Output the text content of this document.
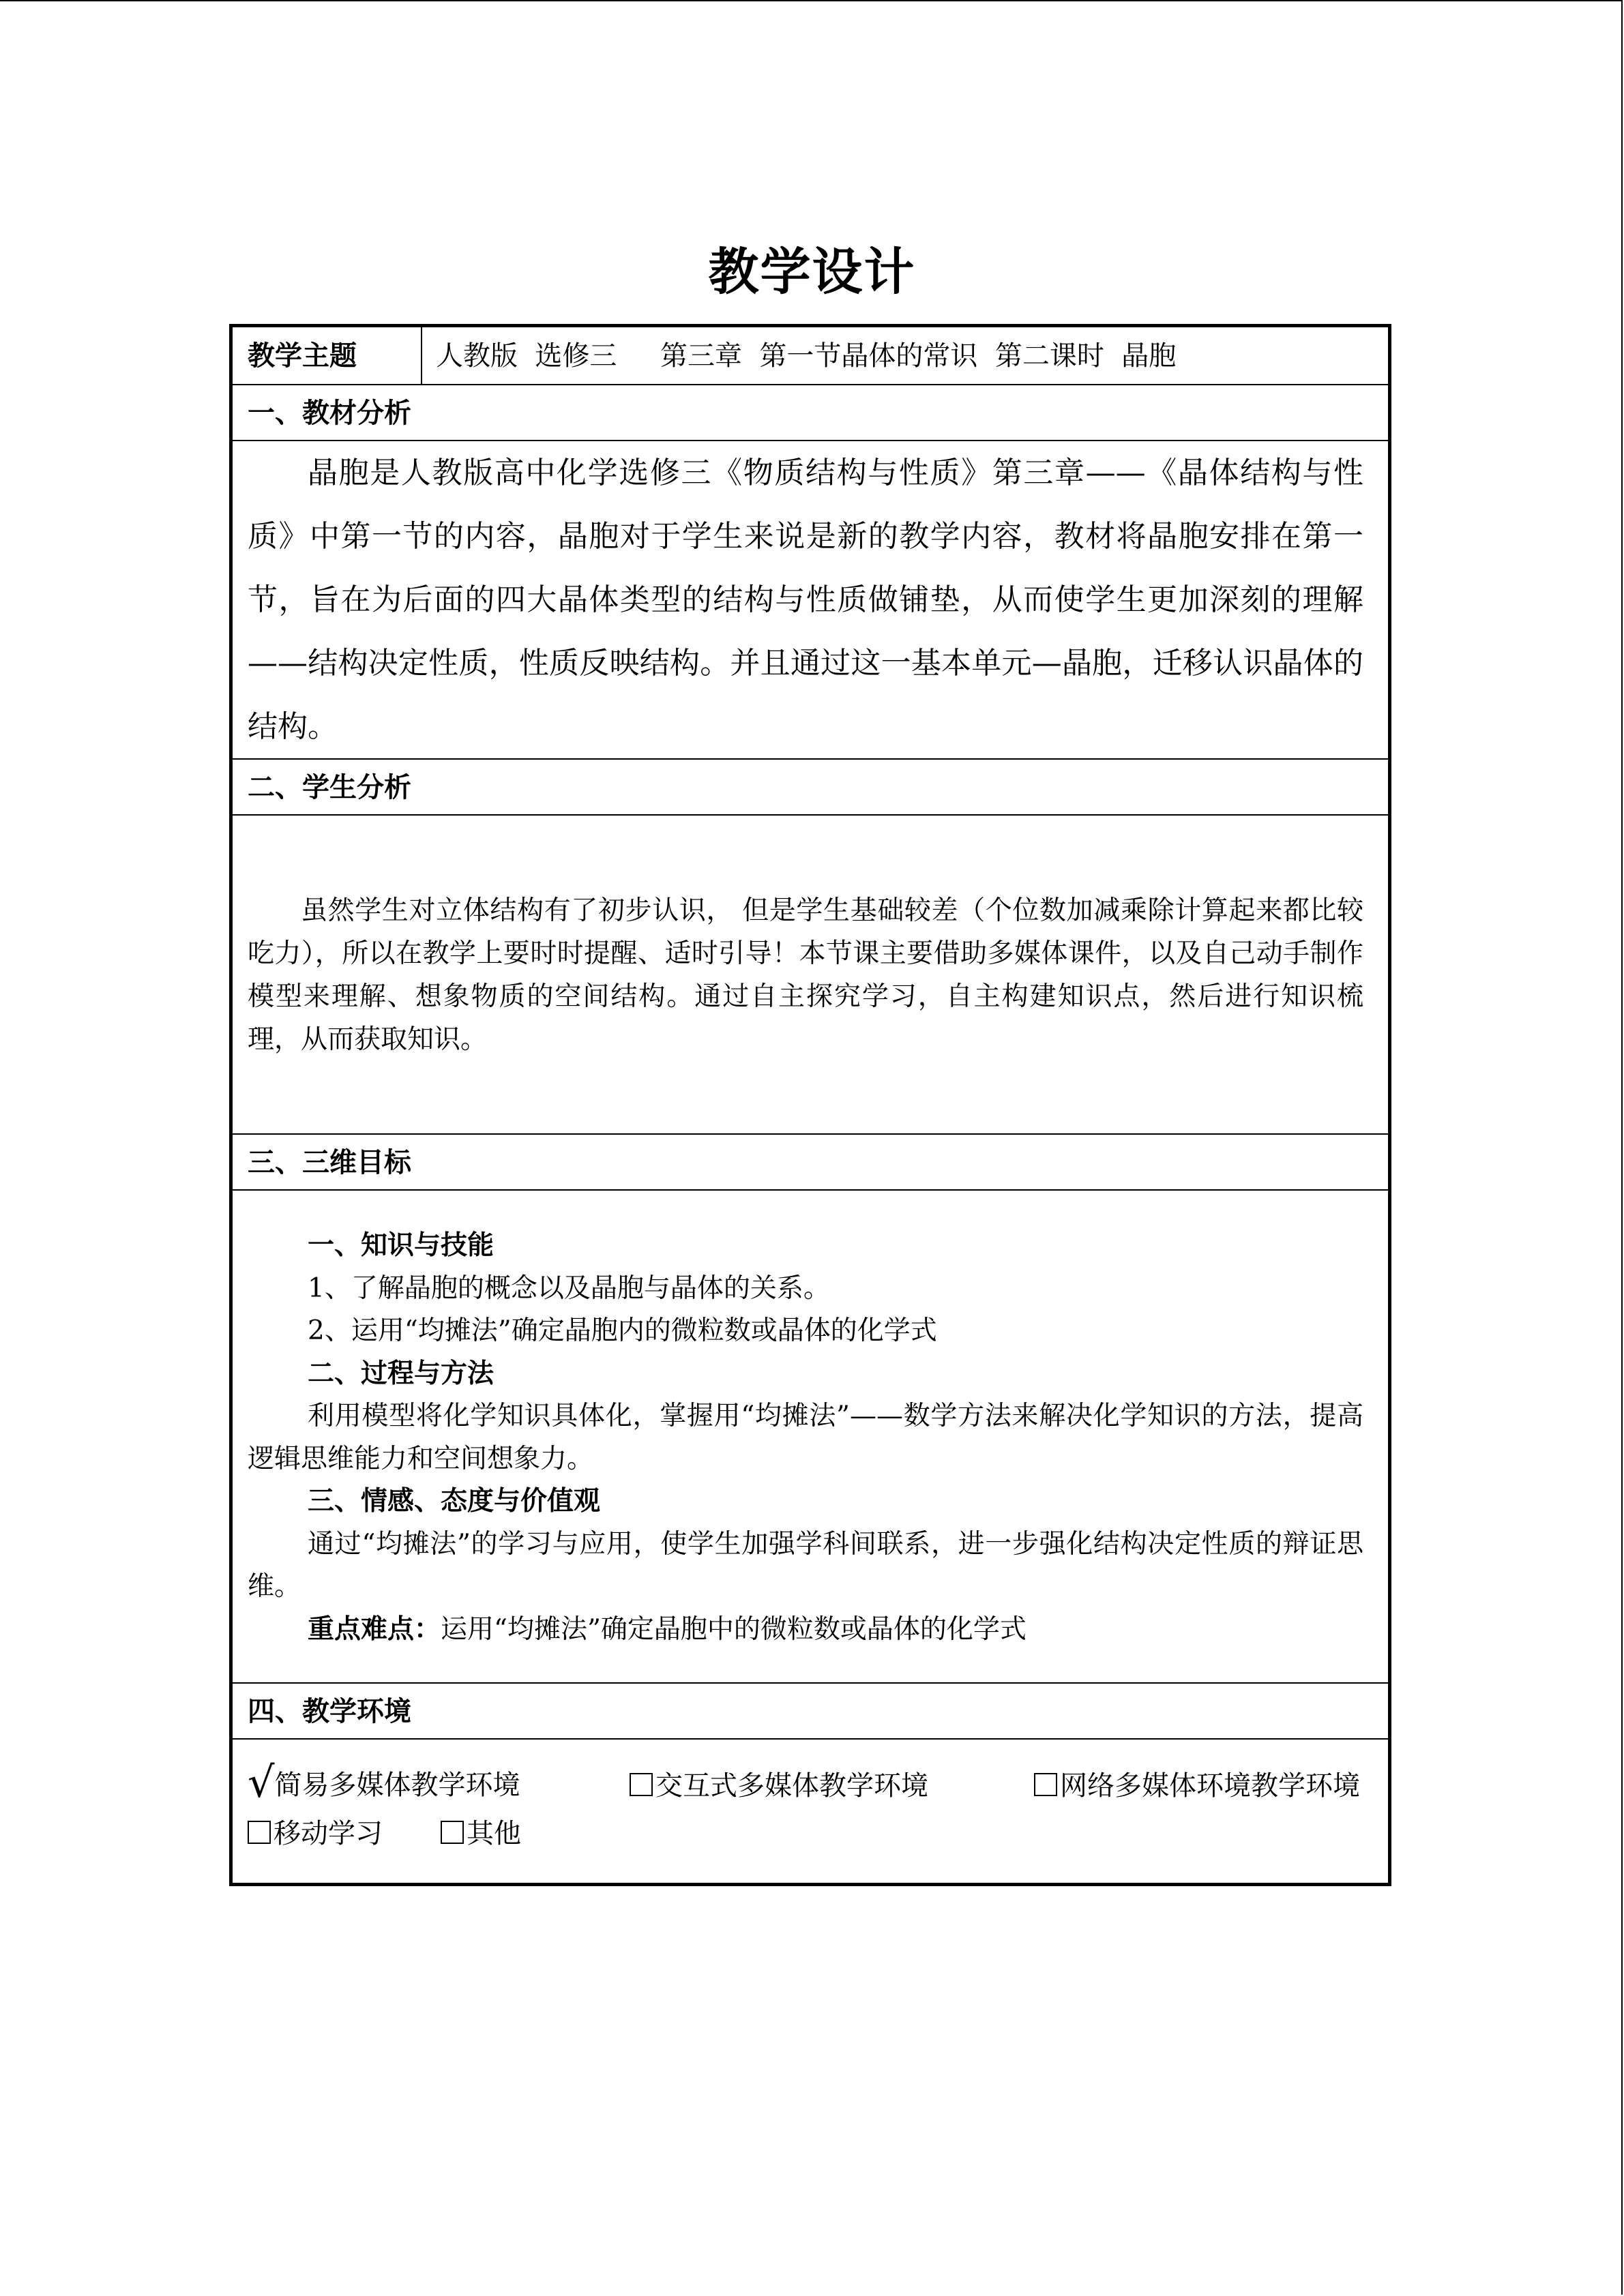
教学设计
教学主题	人教版  选修三     第三章  第一节晶体的常识  第二课时  晶胞
一、教材分析
晶胞是人教版高中化学选修三《物质结构与性质》第三章——《晶体结构与性质》中第一节的内容，晶胞对于学生来说是新的教学内容，教材将晶胞安排在第一节，旨在为后面的四大晶体类型的结构与性质做铺垫，从而使学生更加深刻的理解——结构决定性质，性质反映结构。并且通过这一基本单元—晶胞，迁移认识晶体的结构。
二、学生分析
虽然学生对立体结构有了初步认识， 但是学生基础较差（个位数加减乘除计算起来都比较吃力），所以在教学上要时时提醒、适时引导！本节课主要借助多媒体课件，以及自己动手制作模型来理解、想象物质的空间结构。通过自主探究学习，自主构建知识点，然后进行知识梳理，从而获取知识。
三、三维目标
一、知识与技能
1、了解晶胞的概念以及晶胞与晶体的关系。
2、运用“均摊法”确定晶胞内的微粒数或晶体的化学式
二、过程与方法
利用模型将化学知识具体化，掌握用“均摊法”——数学方法来解决化学知识的方法，提高逻辑思维能力和空间想象力。
三、情感、态度与价值观
通过“均摊法”的学习与应用，使学生加强学科间联系，进一步强化结构决定性质的辩证思维。
重点难点：运用“均摊法”确定晶胞中的微粒数或晶体的化学式
四、教学环境
√简易多媒体教学环境	交互式多媒体教学环境	网络多媒体环境教学环境
移动学习	其他
